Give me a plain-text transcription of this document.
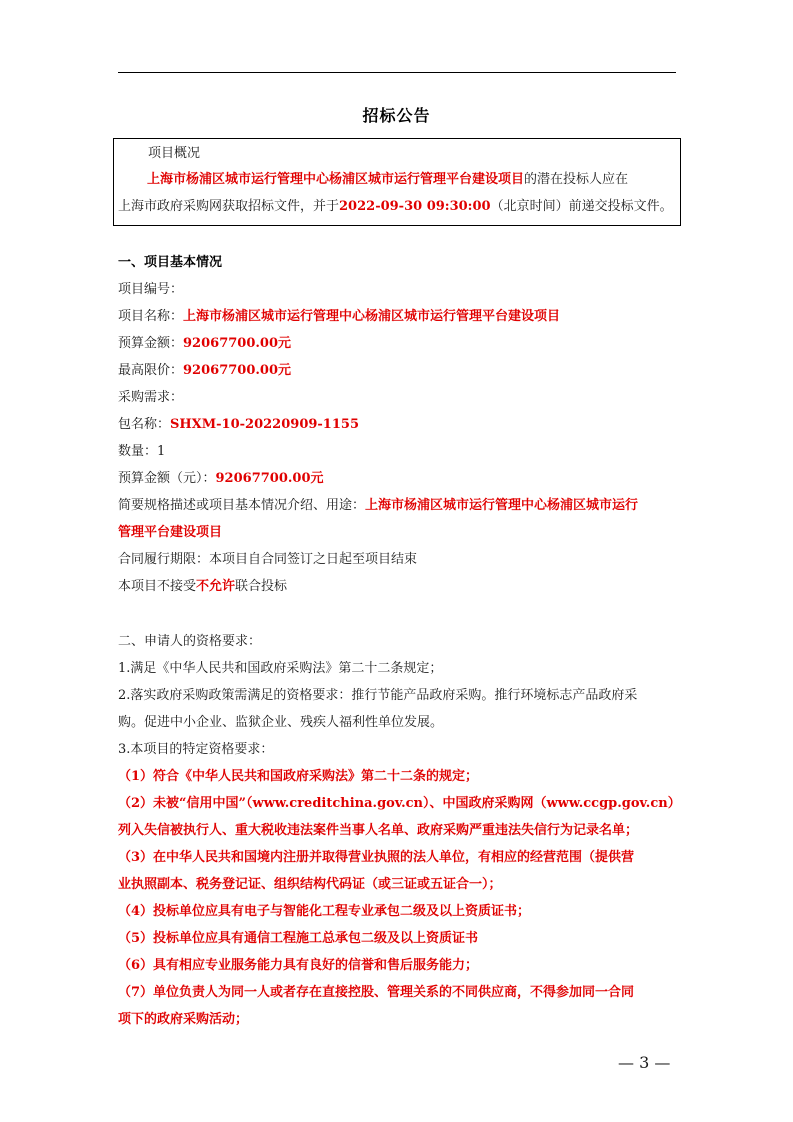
招标公告
项目概况
上海市杨浦区城市运行管理中心杨浦区城市运行管理平台建设项目的潜在投标人应在
上海市政府采购网获取招标文件，并于2022-09-30 09:30:00（北京时间）前递交投标文件。
一、项目基本情况
项目编号：
项目名称：上海市杨浦区城市运行管理中心杨浦区城市运行管理平台建设项目
预算金额：92067700.00元
最高限价：92067700.00元
采购需求：
包名称：SHXM-10-20220909-1155
数量：1
预算金额（元）：92067700.00元
简要规格描述或项目基本情况介绍、用途：上海市杨浦区城市运行管理中心杨浦区城市运行
管理平台建设项目
合同履行期限：本项目自合同签订之日起至项目结束
本项目不接受不允许联合投标
二、申请人的资格要求：
1.满足《中华人民共和国政府采购法》第二十二条规定；
2.落实政府采购政策需满足的资格要求：推行节能产品政府采购。推行环境标志产品政府采
购。促进中小企业、监狱企业、残疾人福利性单位发展。
3.本项目的特定资格要求：
（1）符合《中华人民共和国政府采购法》第二十二条的规定；
（2）未被“信用中国”（www.creditchina.gov.cn）、中国政府采购网（www.ccgp.gov.cn）
列入失信被执行人、重大税收违法案件当事人名单、政府采购严重违法失信行为记录名单；
（3）在中华人民共和国境内注册并取得营业执照的法人单位，有相应的经营范围（提供营
业执照副本、税务登记证、组织结构代码证（或三证或五证合一）；
（4）投标单位应具有电子与智能化工程专业承包二级及以上资质证书；
（5）投标单位应具有通信工程施工总承包二级及以上资质证书
（6）具有相应专业服务能力具有良好的信誉和售后服务能力；
（7）单位负责人为同一人或者存在直接控股、管理关系的不同供应商，不得参加同一合同
项下的政府采购活动；
— 3 —
